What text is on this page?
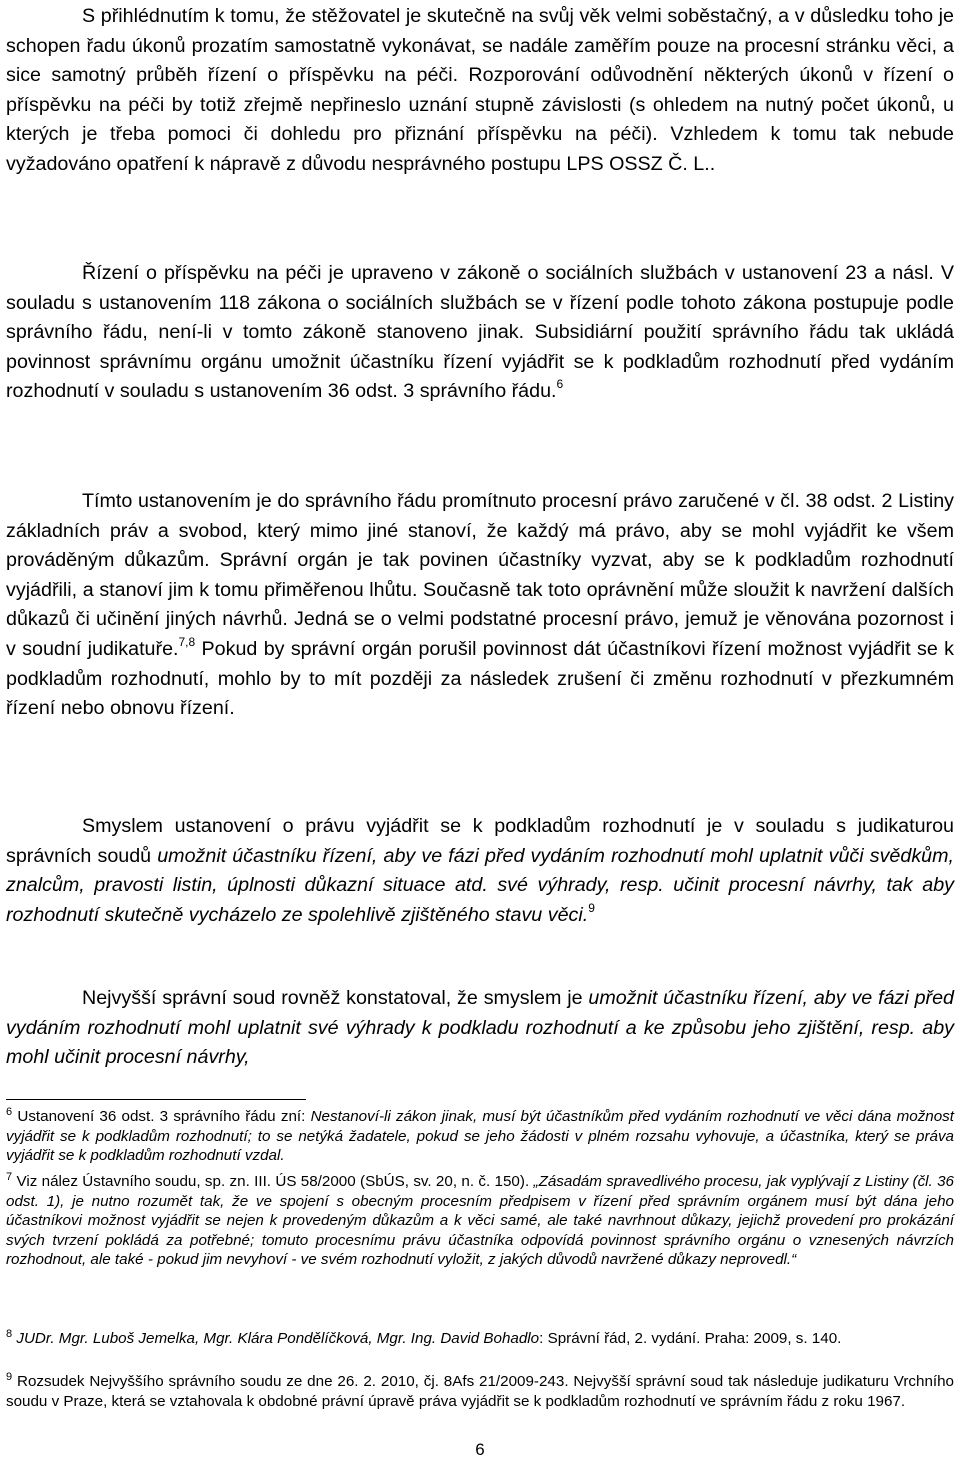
S přihlédnutím k tomu, že stěžovatel je skutečně na svůj věk velmi soběstačný, a v důsledku toho je schopen řadu úkonů prozatím samostatně vykonávat, se nadále zaměřím pouze na procesní stránku věci, a sice samotný průběh řízení o příspěvku na péči. Rozporování odůvodnění některých úkonů v řízení o příspěvku na péči by totiž zřejmě nepřineslo uznání stupně závislosti (s ohledem na nutný počet úkonů, u kterých je třeba pomoci či dohledu pro přiznání příspěvku na péči). Vzhledem k tomu tak nebude vyžadováno opatření k nápravě z důvodu nesprávného postupu LPS OSSZ Č. L..

Řízení o příspěvku na péči je upraveno v zákoně o sociálních službách v ustanovení 23 a násl. V souladu s ustanovením 118 zákona o sociálních službách se v řízení podle tohoto zákona postupuje podle správního řádu, není-li v tomto zákoně stanoveno jinak. Subsidiární použití správního řádu tak ukládá povinnost správnímu orgánu umožnit účastníku řízení vyjádřit se k podkladům rozhodnutí před vydáním rozhodnutí v souladu s ustanovením 36 odst. 3 správního řádu.$^6$

Tímto ustanovením je do správního řádu promítnuto procesní právo zaručené v čl. 38 odst. 2 Listiny základních práv a svobod, který mimo jiné stanoví, že každý má právo, aby se mohl vyjádřit ke všem prováděným důkazům. Správní orgán je tak povinen účastníky vyzvat, aby se k podkladům rozhodnutí vyjádřili, a stanoví jim k tomu přiměřenou lhůtu. Současně tak toto oprávnění může sloužit k navržení dalších důkazů či učinění jiných návrhů. Jedná se o velmi podstatné procesní právo, jemuž je věnována pozornost i v soudní judikatuře.$^{7,8}$ Pokud by správní orgán porušil povinnost dát účastníkovi řízení možnost vyjádřit se k podkladům rozhodnutí, mohlo by to mít později za následek zrušení či změnu rozhodnutí v přezkumném řízení nebo obnovu řízení.

Smyslem ustanovení o právu vyjádřit se k podkladům rozhodnutí je v souladu s judikaturou správních soudů umožnit účastníku řízení, aby ve fázi před vydáním rozhodnutí mohl uplatnit vůči svědkům, znalcům, pravosti listin, úplnosti důkazní situace atd. své výhrady, resp. učinit procesní návrhy, tak aby rozhodnutí skutečně vycházelo ze spolehlivě zjištěného stavu věci.$^9$

Nejvyšší správní soud rovněž konstatoval, že smyslem je umožnit účastníku řízení, aby ve fázi před vydáním rozhodnutí mohl uplatnit své výhrady k podkladu rozhodnutí a ke způsobu jeho zjištění, resp. aby mohl učinit procesní návrhy,

$^6$ Ustanovení 36 odst. 3 správního řádu zní: Nestanoví-li zákon jinak, musí být účastníkům před vydáním rozhodnutí ve věci dána možnost vyjádřit se k podkladům rozhodnutí; to se netýká žadatele, pokud se jeho žádosti v plném rozsahu vyhovuje, a účastníka, který se práva vyjádřit se k podkladům rozhodnutí vzdal.

$^7$ Viz nález Ústavního soudu, sp. zn. III. ÚS 58/2000 (SbÚS, sv. 20, n. č. 150). „Zásadám spravedlivého procesu, jak vyplývají z Listiny (čl. 36 odst. 1), je nutno rozumět tak, že ve spojení s obecným procesním předpisem v řízení před správním orgánem musí být dána jeho účastníkovi možnost vyjádřit se nejen k provedeným důkazům a k věci samé, ale také navrhnout důkazy, jejichž provedení pro prokázání svých tvrzení pokládá za potřebné; tomuto procesnímu právu účastníka odpovídá povinnost správního orgánu o vznesených návrzích rozhodnout, ale také - pokud jim nevyhoví - ve svém rozhodnutí vyložit, z jakých důvodů navržené důkazy neprovedl.“

$^8$ JUDr. Mgr. Luboš Jemelka, Mgr. Klára Pondělíčková, Mgr. Ing. David Bohadlo: Správní řád, 2. vydání. Praha: 2009, s. 140.

$^9$ Rozsudek Nejvyššího správního soudu ze dne 26. 2. 2010, čj. 8Afs 21/2009-243. Nejvyšší správní soud tak následuje judikaturu Vrchního soudu v Praze, která se vztahovala k obdobné právní úpravě práva vyjádřit se k podkladům rozhodnutí ve správním řádu z roku 1967.

6
